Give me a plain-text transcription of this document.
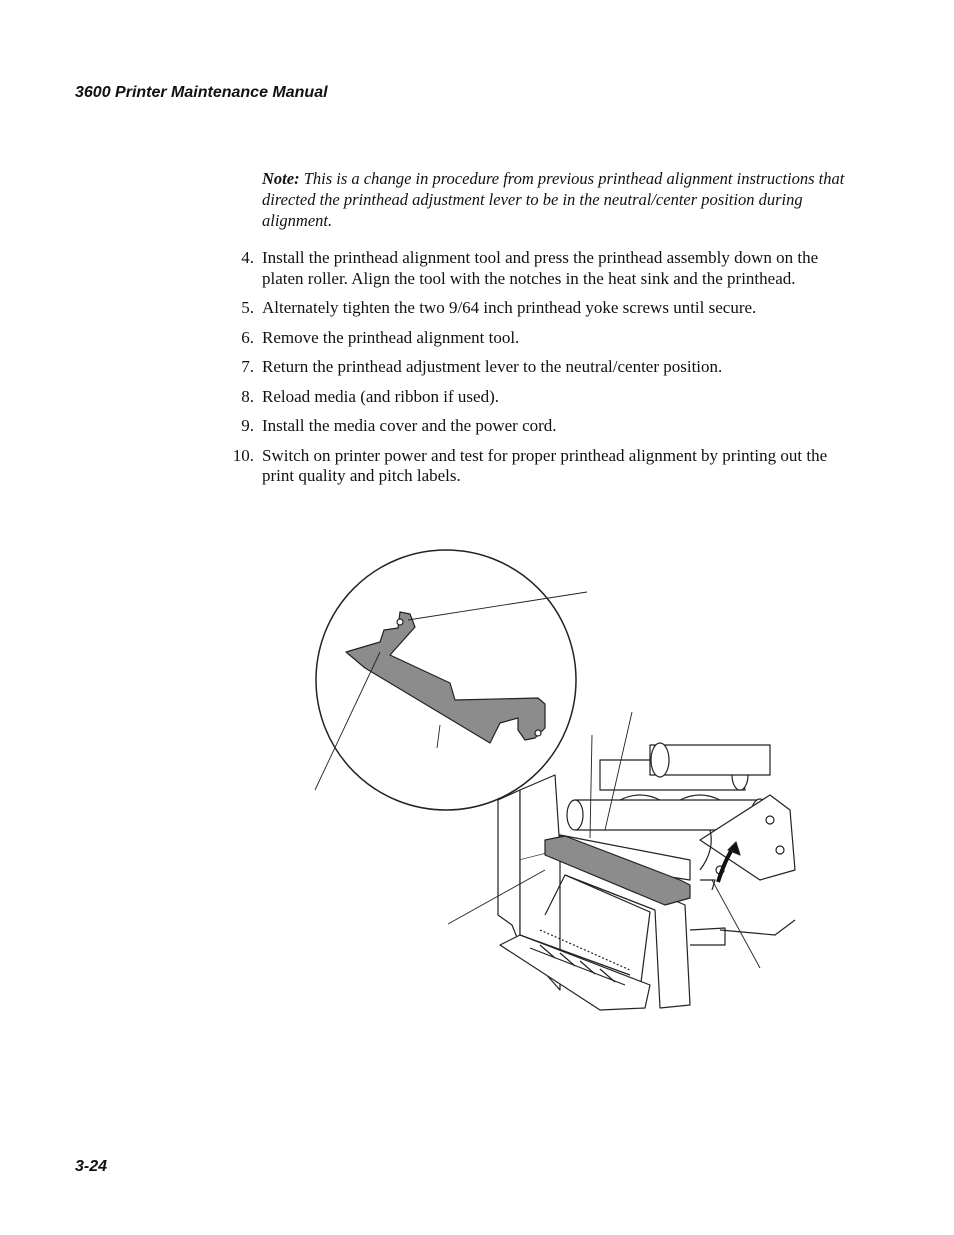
3600 Printer Maintenance Manual
Note: This is a change in procedure from previous printhead alignment instructions that directed the printhead adjustment lever to be in the neutral/center position during alignment.
4. Install the printhead alignment tool and press the printhead assembly down on the platen roller. Align the tool with the notches in the heat sink and the printhead.
5. Alternately tighten the two 9/64 inch printhead yoke screws until secure.
6. Remove the printhead alignment tool.
7. Return the printhead adjustment lever to the neutral/center position.
8. Reload media (and ribbon if used).
9. Install the media cover and the power cord.
10. Switch on printer power and test for proper printhead alignment by printing out the print quality and pitch labels.
3-24
